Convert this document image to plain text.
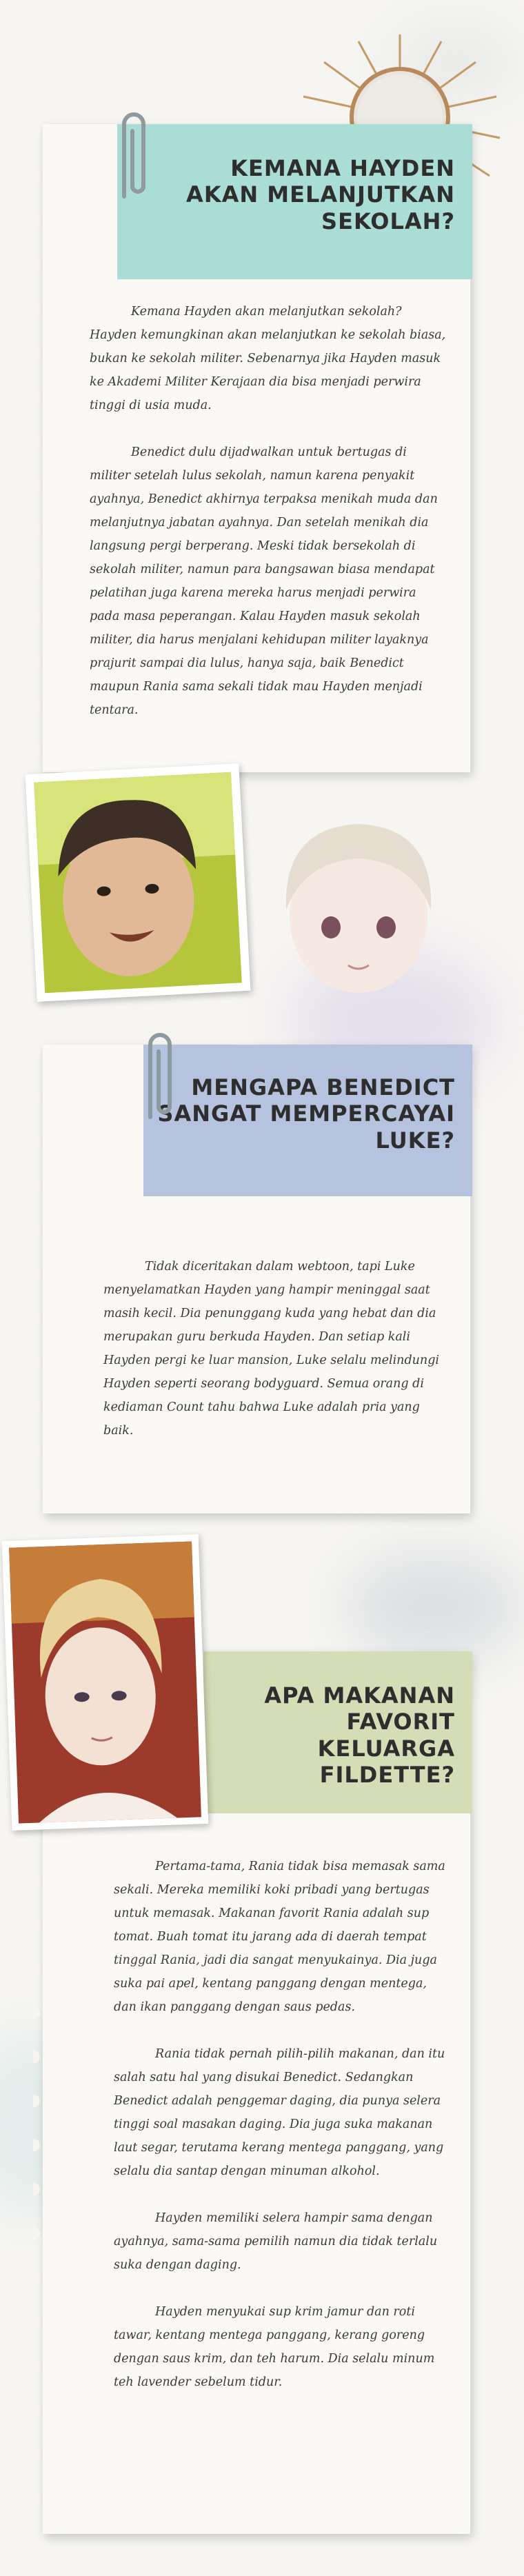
KEMANA HAYDEN
AKAN MELANJUTKAN
SEKOLAH?

Kemana Hayden akan melanjutkan sekolah? Hayden kemungkinan akan melanjutkan ke sekolah biasa, bukan ke sekolah militer. Sebenarnya jika Hayden masuk ke Akademi Militer Kerajaan dia bisa menjadi perwira tinggi di usia muda.

Benedict dulu dijadwalkan untuk bertugas di militer setelah lulus sekolah, namun karena penyakit ayahnya, Benedict akhirnya terpaksa menikah muda dan melanjutnya jabatan ayahnya. Dan setelah menikah dia langsung pergi berperang. Meski tidak bersekolah di sekolah militer, namun para bangsawan biasa mendapat pelatihan juga karena mereka harus menjadi perwira pada masa peperangan. Kalau Hayden masuk sekolah militer, dia harus menjalani kehidupan militer layaknya prajurit sampai dia lulus, hanya saja, baik Benedict maupun Rania sama sekali tidak mau Hayden menjadi tentara.

MENGAPA BENEDICT
SANGAT MEMPERCAYAI
LUKE?

Tidak diceritakan dalam webtoon, tapi Luke menyelamatkan Hayden yang hampir meninggal saat masih kecil. Dia penunggang kuda yang hebat dan dia merupakan guru berkuda Hayden. Dan setiap kali Hayden pergi ke luar mansion, Luke selalu melindungi Hayden seperti seorang bodyguard. Semua orang di kediaman Count tahu bahwa Luke adalah pria yang baik.

APA MAKANAN
FAVORIT KELUARGA
FILDETTE?

Pertama-tama, Rania tidak bisa memasak sama sekali. Mereka memiliki koki pribadi yang bertugas untuk memasak. Makanan favorit Rania adalah sup tomat. Buah tomat itu jarang ada di daerah tempat tinggal Rania, jadi dia sangat menyukainya. Dia juga suka pai apel, kentang panggang dengan mentega, dan ikan panggang dengan saus pedas.

Rania tidak pernah pilih-pilih makanan, dan itu salah satu hal yang disukai Benedict. Sedangkan Benedict adalah penggemar daging, dia punya selera tinggi soal masakan daging. Dia juga suka makanan laut segar, terutama kerang mentega panggang, yang selalu dia santap dengan minuman alkohol.

Hayden memiliki selera hampir sama dengan ayahnya, sama-sama pemilih namun dia tidak terlalu suka dengan daging.

Hayden menyukai sup krim jamur dan roti tawar, kentang mentega panggang, kerang goreng dengan saus krim, dan teh harum. Dia selalu minum teh lavender sebelum tidur.
